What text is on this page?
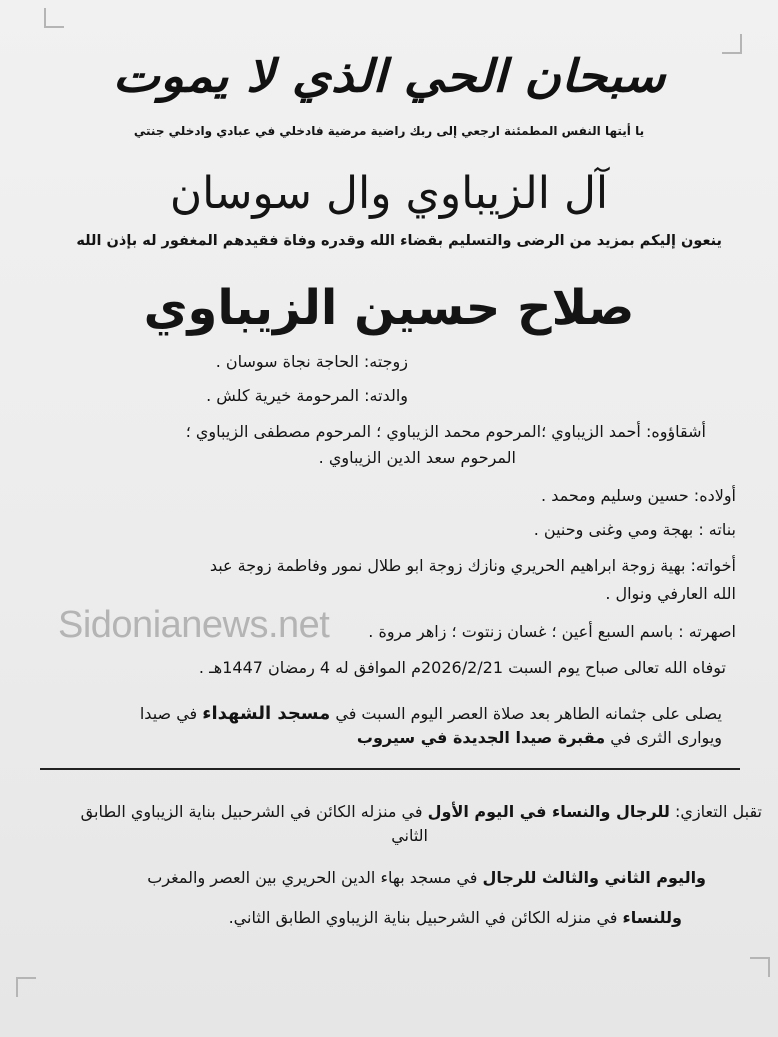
سبحان الحي الذي لا يموت
يا أيتها النفس المطمئنة ارجعي إلى ربك راضية مرضية فادخلي في عبادي وادخلي جنتي
آل الزيباوي وال سوسان
ينعون إليكم بمزيد من الرضى والتسليم بقضاء الله وقدره وفاة فقيدهم المغفور له بإذن الله
صلاح حسين الزيباوي
زوجته: الحاجة نجاة سوسان .
والدته: المرحومة خيرية كلش .
أشقاؤوه: أحمد الزيباوي ؛المرحوم محمد الزيباوي ؛ المرحوم مصطفى الزيباوي ؛
المرحوم سعد الدين الزيباوي .
أولاده: حسين وسليم ومحمد .
بناته : بهجة ومي وغنى وحنين .
أخواته: بهية زوجة ابراهيم الحريري ونازك زوجة ابو طلال نمور وفاطمة زوجة عبد
الله العارفي ونوال .
اصهرته : باسم السبع أعين ؛ غسان زنتوت ؛ زاهر مروة .
توفاه الله تعالى صباح يوم السبت 2026/2/21م الموافق له 4 رمضان 1447هـ .
يصلى على جثمانه الطاهر بعد صلاة العصر اليوم السبت في مسجد الشهداء في صيدا
ويوارى الثرى في مقبرة صيدا الجديدة في سيروب
Sidonianews.net
تقبل التعازي: للرجال والنساء في اليوم الأول في منزله الكائن في الشرحبيل بناية الزيباوي الطابق
الثاني
واليوم الثاني والثالث للرجال في مسجد بهاء الدين الحريري بين العصر والمغرب
وللنساء في منزله الكائن في الشرحبيل بناية الزيباوي الطابق الثاني.
